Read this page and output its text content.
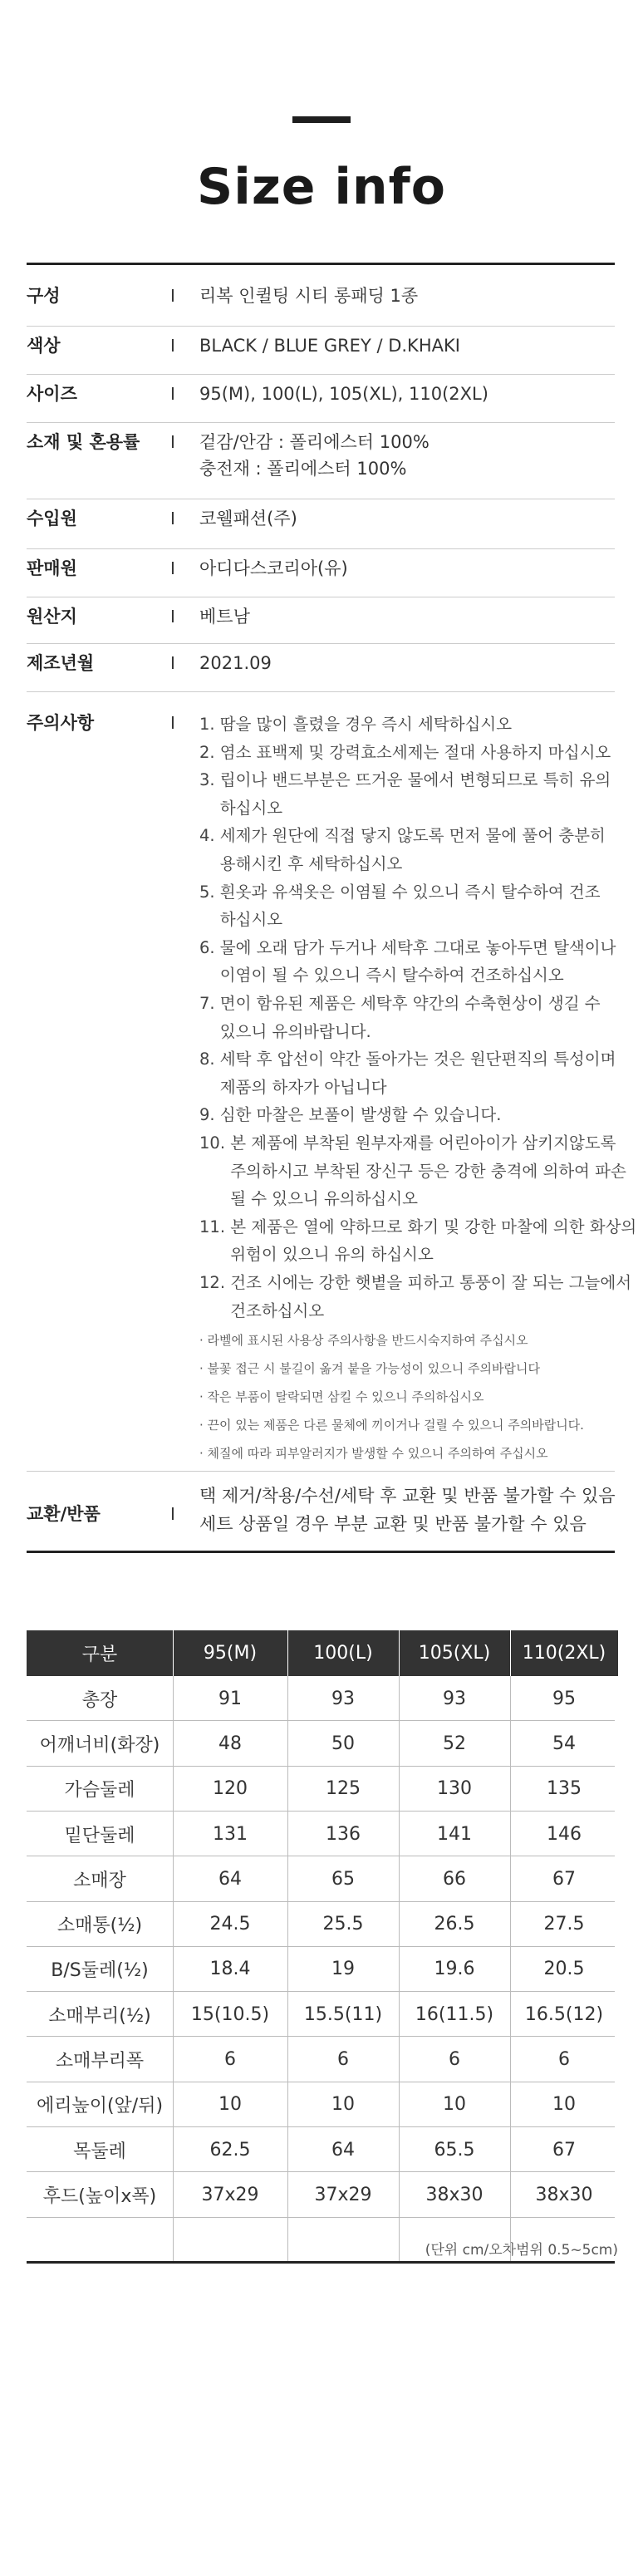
Size info
구성	I 리복 인퀼팅 시티 롱패딩 1종
색상	I BLACK / BLUE GREY / D.KHAKI
사이즈	I 95(M), 100(L), 105(XL), 110(2XL)
소재 및 혼용률 I 겉감/안감 : 폴리에스터 100%
충전재 : 폴리에스터 100%
수입원	I 코웰패션(주)
판매원	I 아디다스코리아(유)
원산지	I 베트남
제조년월	I 2021.09
주의사항	I 1. 땀을 많이 흘렸을 경우 즉시 세탁하십시오
2. 염소 표백제 및 강력효소세제는 절대 사용하지 마십시오
3. 립이나 밴드부분은 뜨거운 물에서 변형되므로 특히 유의
하십시오
4. 세제가 원단에 직접 닿지 않도록 먼저 물에 풀어 충분히
용해시킨 후 세탁하십시오
5. 흰옷과 유색옷은 이염될 수 있으니 즉시 탈수하여 건조
하십시오
6. 물에 오래 담가 두거나 세탁후 그대로 놓아두면 탈색이나
이염이 될 수 있으니 즉시 탈수하여 건조하십시오
7. 면이 함유된 제품은 세탁후 약간의 수축현상이 생길 수
있으니 유의바랍니다.
8. 세탁 후 압선이 약간 돌아가는 것은 원단편직의 특성이며
제품의 하자가 아닙니다
9. 심한 마찰은 보풀이 발생할 수 있습니다.
10. 본 제품에 부착된 원부자재를 어린아이가 삼키지않도록
주의하시고 부착된 장신구 등은 강한 충격에 의하여 파손
될 수 있으니 유의하십시오
11. 본 제품은 열에 약하므로 화기 및 강한 마찰에 의한 화상의
위험이 있으니 유의 하십시오
12. 건조 시에는 강한 햇볕을 피하고 통풍이 잘 되는 그늘에서
건조하십시오
· 라벨에 표시된 사용상 주의사항을 반드시숙지하여 주십시오
· 불꽃 접근 시 불길이 옮겨 붙을 가능성이 있으니 주의바랍니다
· 작은 부품이 탈락되면 삼킬 수 있으니 주의하십시오
· 끈이 있는 제품은 다른 물체에 끼이거나 걸릴 수 있으니 주의바랍니다.
· 체질에 따라 피부알러지가 발생할 수 있으니 주의하여 주십시오
교환/반품	I
택 제거/착용/수선/세탁 후 교환 및 반품 불가할 수 있음
세트 상품일 경우 부분 교환 및 반품 불가할 수 있음
구분	95(M)	100(L)	105(XL)	110(2XL)
총장	91	93	93	95
어깨너비(화장)	48	50	52	54
가슴둘레	120	125	130	135
밑단둘레	131	136	141	146
소매장	64	65	66	67
소매통(½)	24.5	25.5	26.5	27.5
B/S둘레(½)	18.4	19	19.6	20.5
소매부리(½)	15(10.5)	15.5(11)	16(11.5)	16.5(12)
소매부리폭	6	6	6	6
에리높이(앞/뒤)	10	10	10	10
목둘레	62.5	64	65.5	67
후드(높이x폭)	37x29	37x29	38x30	38x30
(단위 cm/오차범위 0.5~5cm)
